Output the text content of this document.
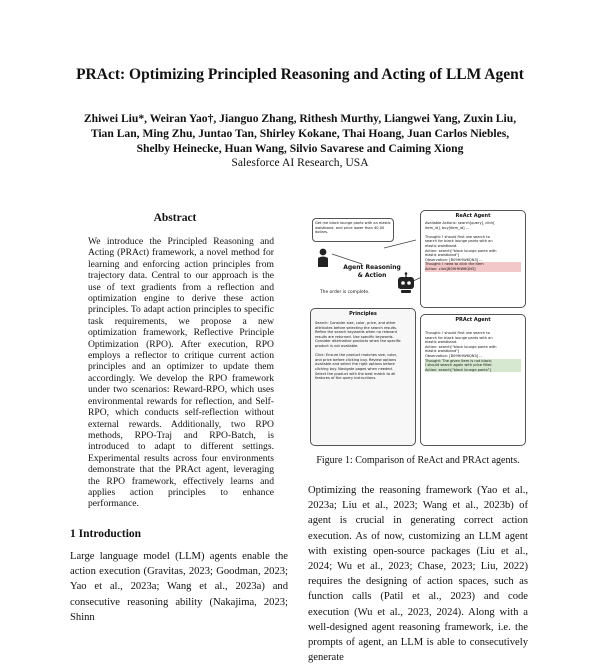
PRAct: Optimizing Principled Reasoning and Acting of LLM Agent
Zhiwei Liu*, Weiran Yao†, Jianguo Zhang, Rithesh Murthy, Liangwei Yang, Zuxin Liu,
Tian Lan, Ming Zhu, Juntao Tan, Shirley Kokane, Thai Hoang, Juan Carlos Niebles,
Shelby Heinecke, Huan Wang, Silvio Savarese and Caiming Xiong
Salesforce AI Research, USA
Abstract
We introduce the Principled Reasoning and Acting (PRAct) framework, a novel method for learning and enforcing action principles from trajectory data. Central to our approach is the use of text gradients from a reflection and optimization engine to derive these action principles. To adapt action principles to specific task requirements, we propose a new optimization framework, Reflective Principle Optimization (RPO). After execution, RPO employs a reflector to critique current action principles and an optimizer to update them accordingly. We develop the RPO framework under two scenarios: Reward-RPO, which uses environmental rewards for reflection, and Self-RPO, which conducts self-reflection without external rewards. Additionally, two RPO methods, RPO-Traj and RPO-Batch, is introduced to adapt to different settings. Experimental results across four environments demonstrate that the PRAct agent, leveraging the RPO framework, effectively learns and applies action principles to enhance performance.
1 Introduction
Large language model (LLM) agents enable the action execution (Gravitas, 2023; Goodman, 2023; Yao et al., 2023a; Wang et al., 2023a) and consecutive reasoning ability (Nakajima, 2023; Shinn
Get me black lounge pants with an elastic waistband, and price lower than 40.00 dollars.
Agent Reasoning & Action
The order is complete.
ReAct Agent
Available Actions: search[query], click[
item_id], buy[item_id] ...

Thought: I should first use search to
search for black lounge pants with an
elastic waistband.
Action: search["black lounge pants with
elastic waistband"]
Observation: [B09HHW6QN3] ...
Thought: I need to click the item
Action: click[B09HHW6QN3]
Principles
Search: Consider size, color, price, and other
attributes before selecting the search results.
Refine the search keywords when no relevant
results are returned. Use specific keywords.
Consider alternative products when the specific
product is not available.

Click: Ensure the product matches size, color,
and price before clicking buy. Review options
available and select the right options before
clicking buy. Navigate pages when needed.
Select the product with the best match to all
features of the query instructions.
PRAct Agent
Thought: I should first use search to
search for black lounge pants with an
elastic waistband.
Action: search["black lounge pants with
elastic waistband"]
Observation: [B09HHW6QN3] ...
Thought: The given item is not black;
I should search again with price filter.
Action: search["black lounge pants"]
Figure 1: Comparison of ReAct and PRAct agents.
Optimizing the reasoning framework (Yao et al., 2023a; Liu et al., 2023; Wang et al., 2023b) of agent is crucial in generating correct action execution. As of now, customizing an LLM agent with existing open-source packages (Liu et al., 2024; Wu et al., 2023; Chase, 2023; Liu, 2022) requires the designing of action spaces, such as function calls (Patil et al., 2023) and code execution (Wu et al., 2023, 2024). Along with a well-designed agent reasoning framework, i.e. the prompts of agent, an LLM is able to consecutively generate
